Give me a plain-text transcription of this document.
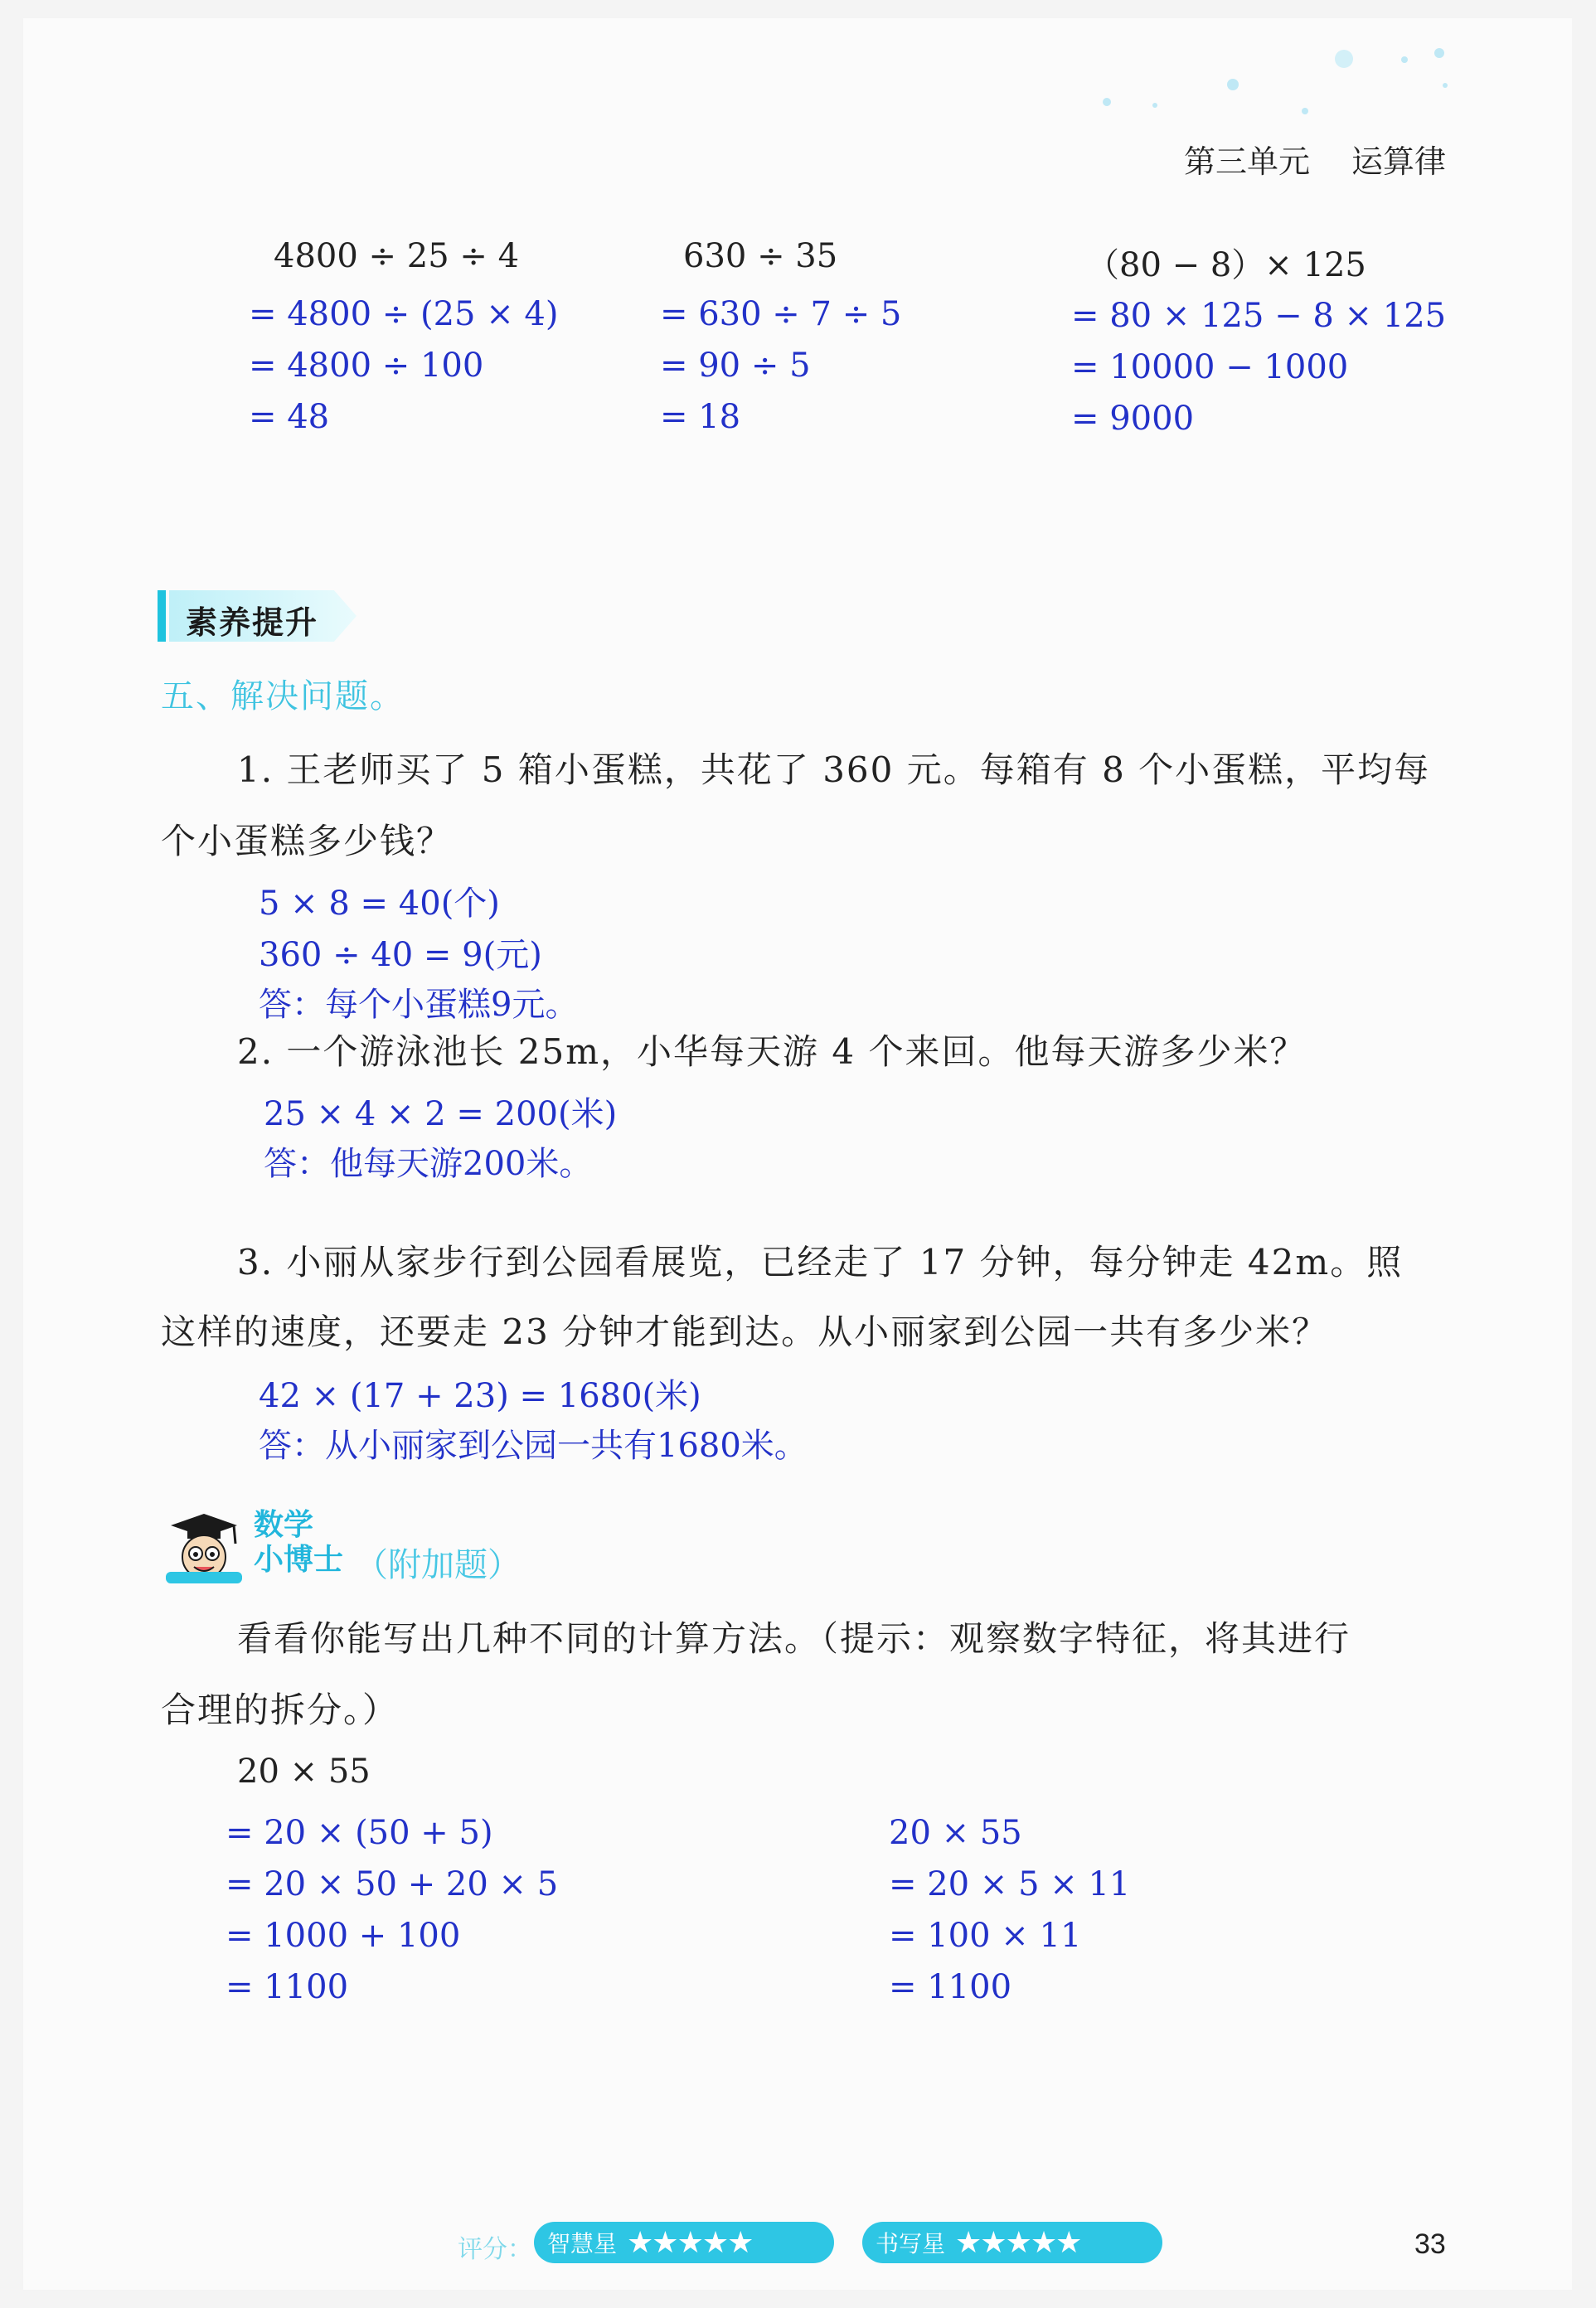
第三单元 运算律
4800 ÷ 25 ÷ 4
= 4800 ÷ (25 × 4)
= 4800 ÷ 100
= 48
630 ÷ 35
= 630 ÷ 7 ÷ 5
= 90 ÷ 5
= 18
（80 − 8）× 125
= 80 × 125 − 8 × 125
= 10000 − 1000
= 9000
素养提升
五、解决问题。
1. 王老师买了 5 箱小蛋糕，共花了 360 元。每箱有 8 个小蛋糕，平均每
个小蛋糕多少钱？
5 × 8 = 40(个)
360 ÷ 40 = 9(元)
答：每个小蛋糕9元。
2. 一个游泳池长 25m，小华每天游 4 个来回。他每天游多少米？
25 × 4 × 2 = 200(米)
答：他每天游200米。
3. 小丽从家步行到公园看展览，已经走了 17 分钟，每分钟走 42m。照
这样的速度，还要走 23 分钟才能到达。从小丽家到公园一共有多少米？
42 × (17 + 23) = 1680(米)
答：从小丽家到公园一共有1680米。
数学
小博士 （附加题）
看看你能写出几种不同的计算方法。（提示：观察数字特征，将其进行
合理的拆分。）
20 × 55
= 20 × (50 + 5)
= 20 × 50 + 20 × 5
= 1000 + 100
= 1100
20 × 55
= 20 × 5 × 11
= 100 × 11
= 1100
评分： 智慧星 ★★★★★	书写星 ★★★★★	33
